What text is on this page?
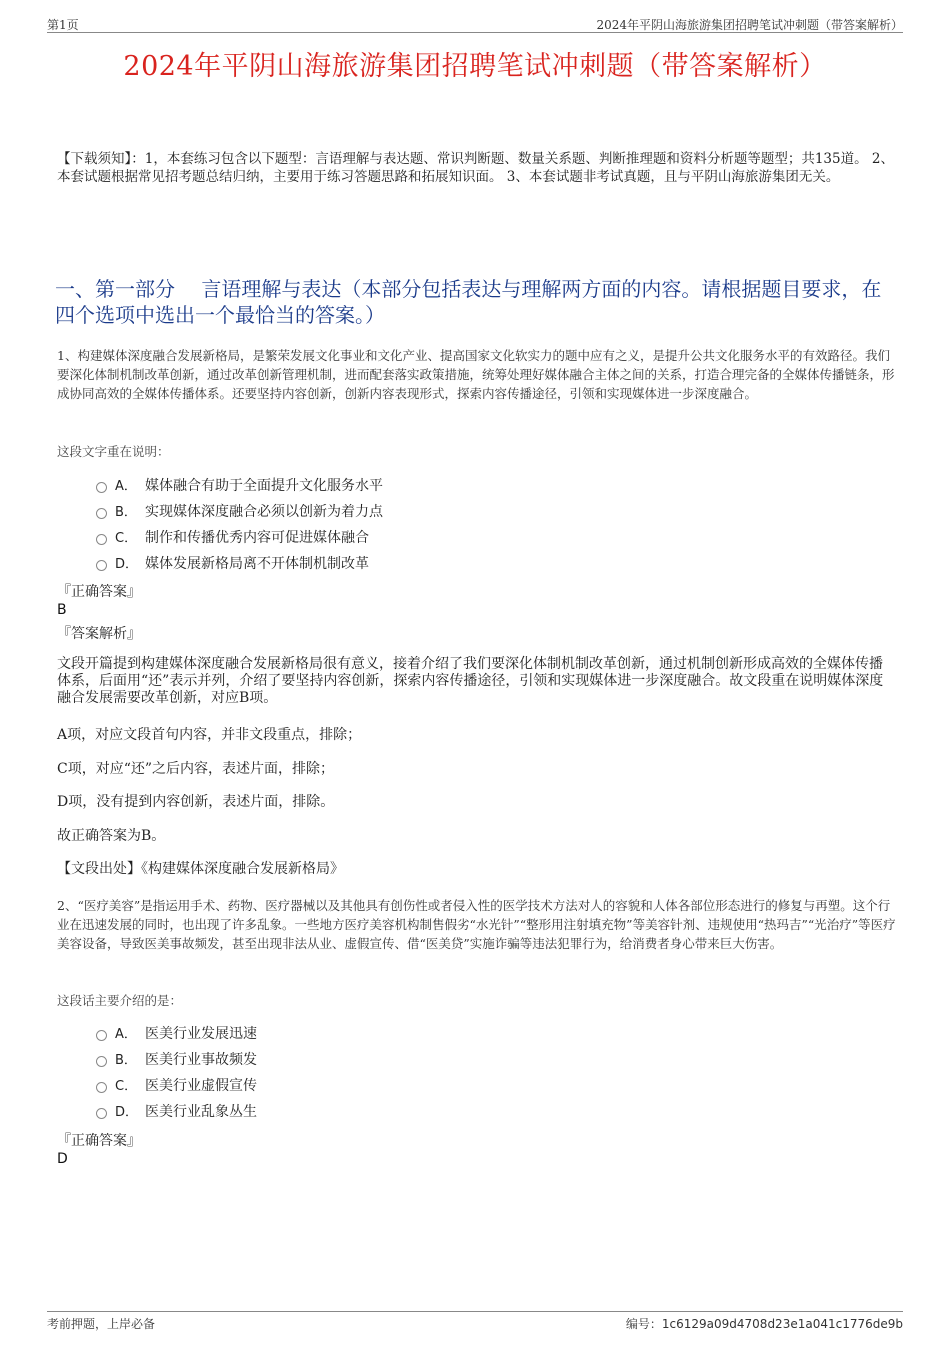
第1页	2024年平阴山海旅游集团招聘笔试冲刺题（带答案解析）
2024年平阴山海旅游集团招聘笔试冲刺题（带答案解析）
【下载须知】：1，本套练习包含以下题型：言语理解与表达题、常识判断题、数量关系题、判断推理题和资料分析题等题型；共135道。 2、本套试题根据常见招考题总结归纳，主要用于练习答题思路和拓展知识面。 3、本套试题非考试真题，且与平阴山海旅游集团无关。
一、第一部分　 言语理解与表达（本部分包括表达与理解两方面的内容。请根据题目要求，在四个选项中选出一个最恰当的答案。）
1、构建媒体深度融合发展新格局，是繁荣发展文化事业和文化产业、提高国家文化软实力的题中应有之义，是提升公共文化服务水平的有效路径。我们要深化体制机制改革创新，通过改革创新管理机制，进而配套落实政策措施，统筹处理好媒体融合主体之间的关系，打造合理完备的全媒体传播链条，形成协同高效的全媒体传播体系。还要坚持内容创新，创新内容表现形式，探索内容传播途径，引领和实现媒体进一步深度融合。
这段文字重在说明：
A． 媒体融合有助于全面提升文化服务水平
B． 实现媒体深度融合必须以创新为着力点
C． 制作和传播优秀内容可促进媒体融合
D． 媒体发展新格局离不开体制机制改革
『正确答案』
B
『答案解析』
文段开篇提到构建媒体深度融合发展新格局很有意义，接着介绍了我们要深化体制机制改革创新，通过机制创新形成高效的全媒体传播体系，后面用“还”表示并列，介绍了要坚持内容创新，探索内容传播途径，引领和实现媒体进一步深度融合。故文段重在说明媒体深度融合发展需要改革创新，对应B项。
A项，对应文段首句内容，并非文段重点，排除；
C项，对应“还”之后内容，表述片面，排除；
D项，没有提到内容创新，表述片面，排除。
故正确答案为B。
【文段出处】《构建媒体深度融合发展新格局》
2、“医疗美容”是指运用手术、药物、医疗器械以及其他具有创伤性或者侵入性的医学技术方法对人的容貌和人体各部位形态进行的修复与再塑。这个行业在迅速发展的同时，也出现了许多乱象。一些地方医疗美容机构制售假劣“水光针”“整形用注射填充物”等美容针剂、违规使用“热玛吉”“光治疗”等医疗美容设备，导致医美事故频发，甚至出现非法从业、虚假宣传、借“医美贷”实施诈骗等违法犯罪行为，给消费者身心带来巨大伤害。
这段话主要介绍的是：
A． 医美行业发展迅速
B． 医美行业事故频发
C． 医美行业虚假宣传
D． 医美行业乱象丛生
『正确答案』
D
考前押题，上岸必备	编号：1c6129a09d4708d23e1a041c1776de9b
